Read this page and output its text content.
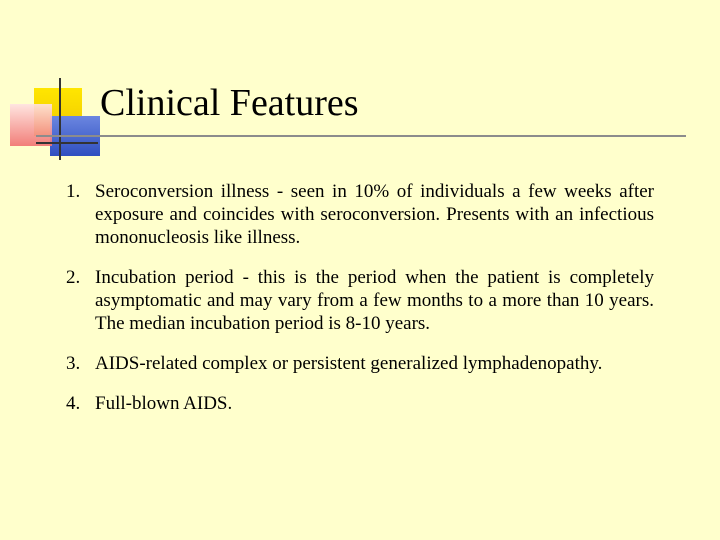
Clinical Features
1. Seroconversion illness - seen in 10% of individuals a few weeks after exposure and coincides with seroconversion. Presents with an infectious mononucleosis like illness.
2. Incubation period - this is the period when the patient is completely asymptomatic and may vary from a few months to a more than 10 years. The median incubation period is 8-10 years.
3. AIDS-related complex or persistent generalized lymphadenopathy.
4. Full-blown AIDS.
